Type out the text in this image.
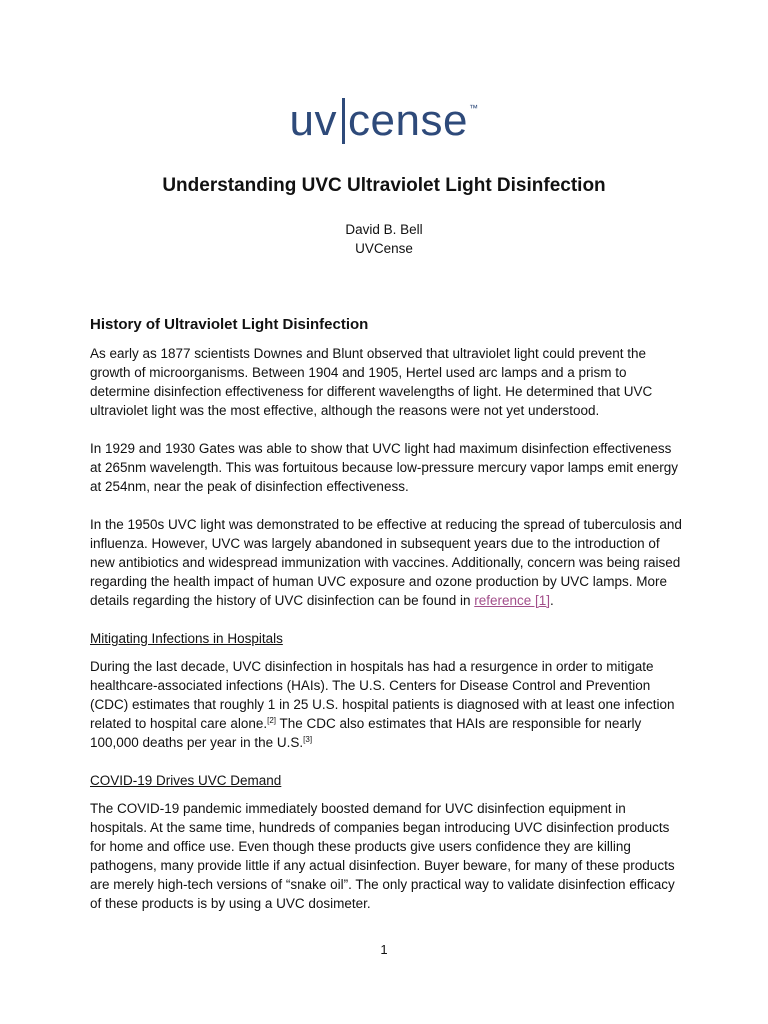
uv cense™
Understanding UVC Ultraviolet Light Disinfection
David B. Bell
UVCense
History of Ultraviolet Light Disinfection

As early as 1877 scientists Downes and Blunt observed that ultraviolet light could prevent the growth of microorganisms. Between 1904 and 1905, Hertel used arc lamps and a prism to determine disinfection effectiveness for different wavelengths of light. He determined that UVC ultraviolet light was the most effective, although the reasons were not yet understood.

In 1929 and 1930 Gates was able to show that UVC light had maximum disinfection effectiveness at 265nm wavelength. This was fortuitous because low-pressure mercury vapor lamps emit energy at 254nm, near the peak of disinfection effectiveness.

In the 1950s UVC light was demonstrated to be effective at reducing the spread of tuberculosis and influenza. However, UVC was largely abandoned in subsequent years due to the introduction of new antibiotics and widespread immunization with vaccines. Additionally, concern was being raised regarding the health impact of human UVC exposure and ozone production by UVC lamps. More details regarding the history of UVC disinfection can be found in reference [1].

Mitigating Infections in Hospitals

During the last decade, UVC disinfection in hospitals has had a resurgence in order to mitigate healthcare-associated infections (HAIs). The U.S. Centers for Disease Control and Prevention (CDC) estimates that roughly 1 in 25 U.S. hospital patients is diagnosed with at least one infection related to hospital care alone.[2] The CDC also estimates that HAIs are responsible for nearly 100,000 deaths per year in the U.S.[3]

COVID-19 Drives UVC Demand

The COVID-19 pandemic immediately boosted demand for UVC disinfection equipment in hospitals. At the same time, hundreds of companies began introducing UVC disinfection products for home and office use. Even though these products give users confidence they are killing pathogens, many provide little if any actual disinfection. Buyer beware, for many of these products are merely high-tech versions of “snake oil”. The only practical way to validate disinfection efficacy of these products is by using a UVC dosimeter.

1
